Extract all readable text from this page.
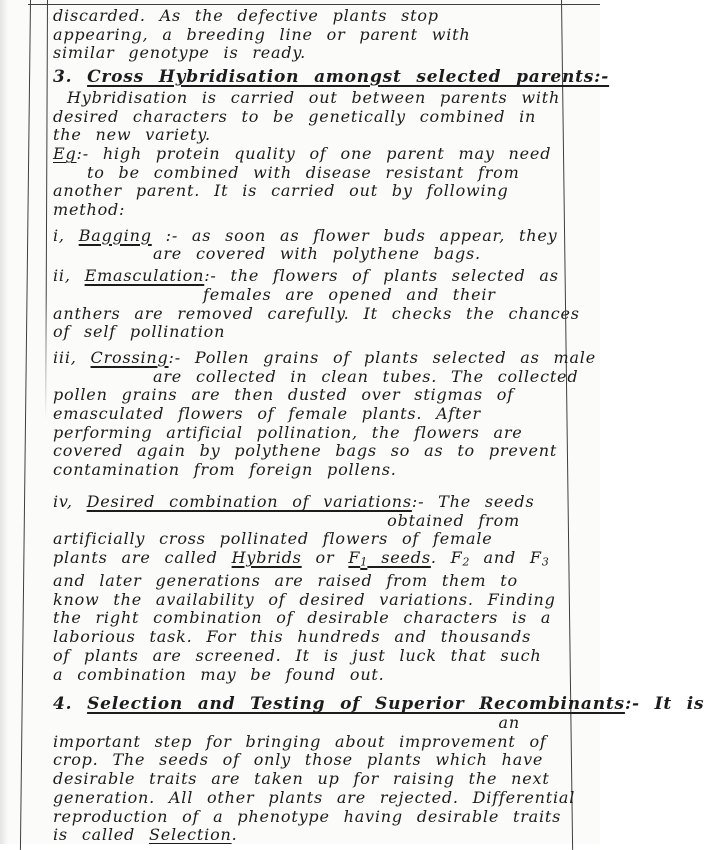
discarded. As the defective plants stop
appearing, a breeding line or parent with
similar genotype is ready.
3. Cross Hybridisation amongst selected parents:-
Hybridisation is carried out between parents with
desired characters to be genetically combined in
the new variety.
Eg:- high protein quality of one parent may need
to be combined with disease resistant from
another parent. It is carried out by following
method:
i, Bagging :- as soon as flower buds appear, they
are covered with polythene bags.
ii, Emasculation:- the flowers of plants selected as
females are opened and their
anthers are removed carefully. It checks the chances
of self pollination
iii, Crossing:- Pollen grains of plants selected as male
are collected in clean tubes. The collected
pollen grains are then dusted over stigmas of
emasculated flowers of female plants. After
performing artificial pollination, the flowers are
covered again by polythene bags so as to prevent
contamination from foreign pollens.
iv, Desired combination of variations:- The seeds
obtained from
artificially cross pollinated flowers of female
plants are called Hybrids or $F_1$ seeds. $F_2$ and $F_3$
and later generations are raised from them to
know the availability of desired variations. Finding
the right combination of desirable characters is a
laborious task. For this hundreds and thousands
of plants are screened. It is just luck that such
a combination may be found out.
4. Selection and Testing of Superior Recombinants:- It is
an
important step for bringing about improvement of
crop. The seeds of only those plants which have
desirable traits are taken up for raising the next
generation. All other plants are rejected. Differential
reproduction of a phenotype having desirable traits
is called Selection.
